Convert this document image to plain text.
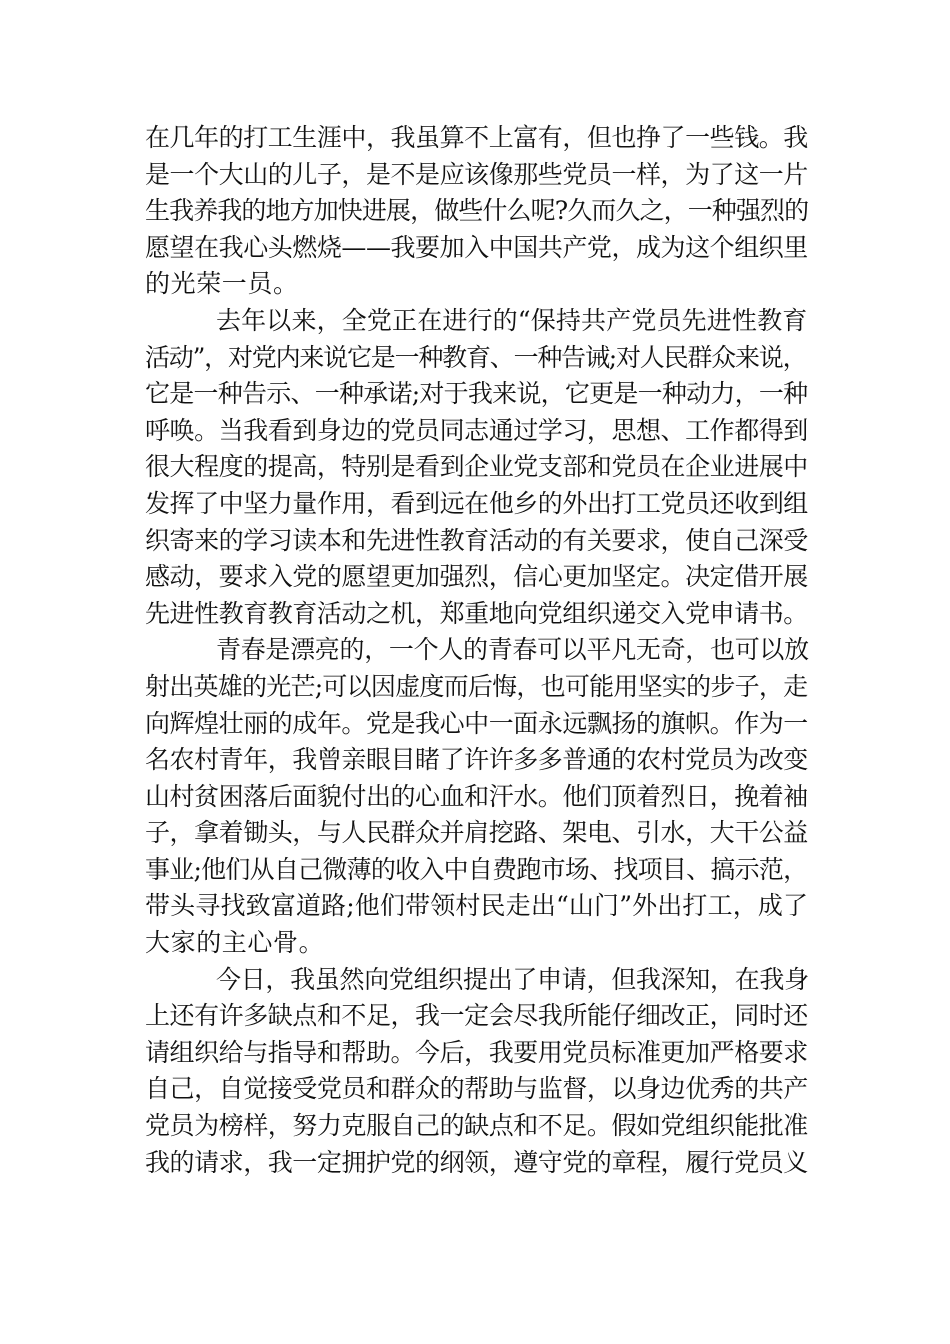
在几年的打工生涯中，我虽算不上富有，但也挣了一些钱。我
是一个大山的儿子，是不是应该像那些党员一样，为了这一片
生我养我的地方加快进展，做些什么呢?久而久之，一种强烈的
愿望在我心头燃烧——我要加入中国共产党，成为这个组织里
的光荣一员。

去年以来，全党正在进行的“保持共产党员先进性教育
活动”，对党内来说它是一种教育、一种告诫;对人民群众来说，
它是一种告示、一种承诺;对于我来说，它更是一种动力，一种
呼唤。当我看到身边的党员同志通过学习，思想、工作都得到
很大程度的提高，特别是看到企业党支部和党员在企业进展中
发挥了中坚力量作用，看到远在他乡的外出打工党员还收到组
织寄来的学习读本和先进性教育活动的有关要求，使自己深受
感动，要求入党的愿望更加强烈，信心更加坚定。决定借开展
先进性教育教育活动之机，郑重地向党组织递交入党申请书。

青春是漂亮的，一个人的青春可以平凡无奇，也可以放
射出英雄的光芒;可以因虚度而后悔，也可能用坚实的步子，走
向辉煌壮丽的成年。党是我心中一面永远飘扬的旗帜。作为一
名农村青年，我曾亲眼目睹了许许多多普通的农村党员为改变
山村贫困落后面貌付出的心血和汗水。他们顶着烈日，挽着袖
子，拿着锄头，与人民群众并肩挖路、架电、引水，大干公益
事业;他们从自己微薄的收入中自费跑市场、找项目、搞示范，
带头寻找致富道路;他们带领村民走出“山门”外出打工，成了
大家的主心骨。

今日，我虽然向党组织提出了申请，但我深知，在我身
上还有许多缺点和不足，我一定会尽我所能仔细改正，同时还
请组织给与指导和帮助。今后，我要用党员标准更加严格要求
自己，自觉接受党员和群众的帮助与监督，以身边优秀的共产
党员为榜样，努力克服自己的缺点和不足。假如党组织能批准
我的请求，我一定拥护党的纲领，遵守党的章程，履行党员义
